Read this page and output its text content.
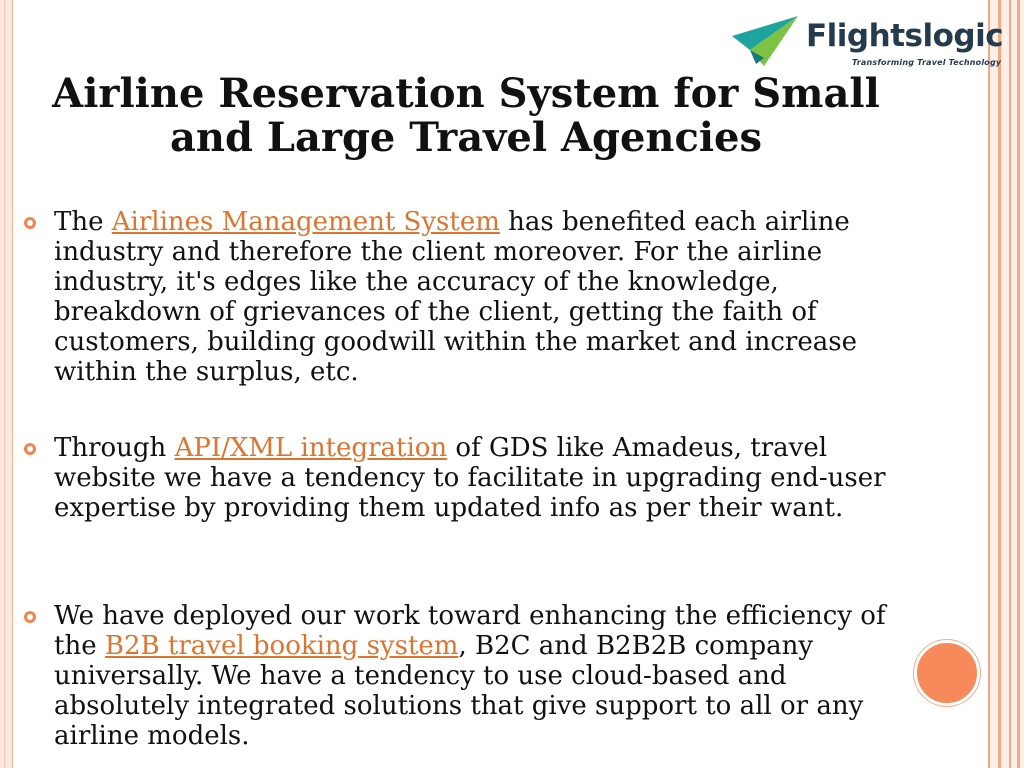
Flightslogic
Transforming Travel Technology
Airline Reservation System for Small and Large Travel Agencies
The Airlines Management System has benefited each airline industry and therefore the client moreover. For the airline industry, it's edges like the accuracy of the knowledge, breakdown of grievances of the client, getting the faith of customers, building goodwill within the market and increase within the surplus, etc.
Through API/XML integration of GDS like Amadeus, travel website we have a tendency to facilitate in upgrading end-user expertise by providing them updated info as per their want.
We have deployed our work toward enhancing the efficiency of the B2B travel booking system, B2C and B2B2B company universally. We have a tendency to use cloud-based and absolutely integrated solutions that give support to all or any airline models.
